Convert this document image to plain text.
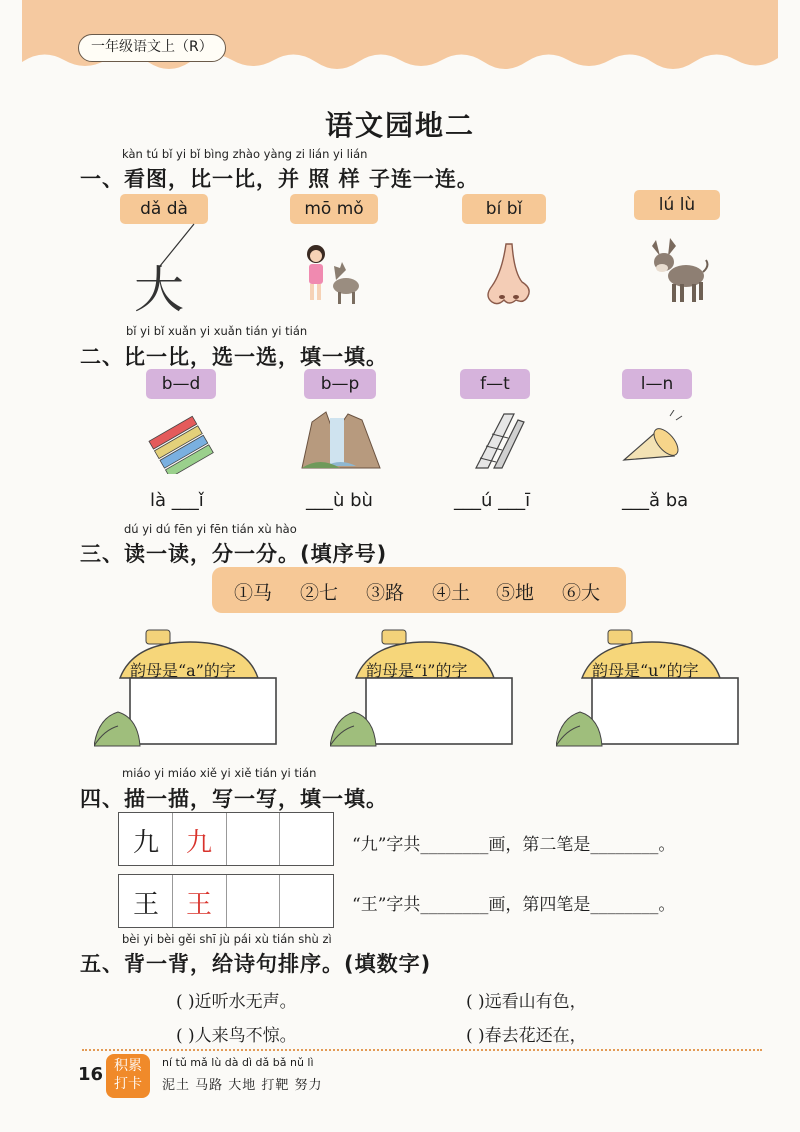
一年级语文上（R）
语文园地二
kàn tú bǐ yi bǐ bìng zhào yàng zi lián yi lián
一、看图，比一比，并 照 样 子连一连。
dǎ dà	mō mǒ	bí bǐ	lú lù
大
bǐ yi bǐ xuǎn yi xuǎn tián yi tián
二、比一比，选一选，填一填。
b—d	b—p	f—t	l—n
là ___ǐ	___ù bù	___ú ___ī	___ǎ ba
dú yi dú fēn yi fēn tián xù hào
三、读一读，分一分。(填序号)
①马 ②七 ③路 ④土 ⑤地 ⑥大
韵母是“a”的字	韵母是“i”的字	韵母是“u”的字
miáo yi miáo xiě yi xiě tián yi tián
四、描一描，写一写，填一填。
九 九	“九”字共________画，第二笔是________。
王 王	“王”字共________画，第四笔是________。
bèi yi bèi gěi shī jù pái xù tián shù zì
五、背一背，给诗句排序。(填数字)
( )近听水无声。	( )远看山有色，
( )人来鸟不惊。	( )春去花还在，
16 积累
打卡
ní tǔ mǎ lù dà dì dǎ bǎ nǔ lì
泥土 马路 大地 打靶 努力
